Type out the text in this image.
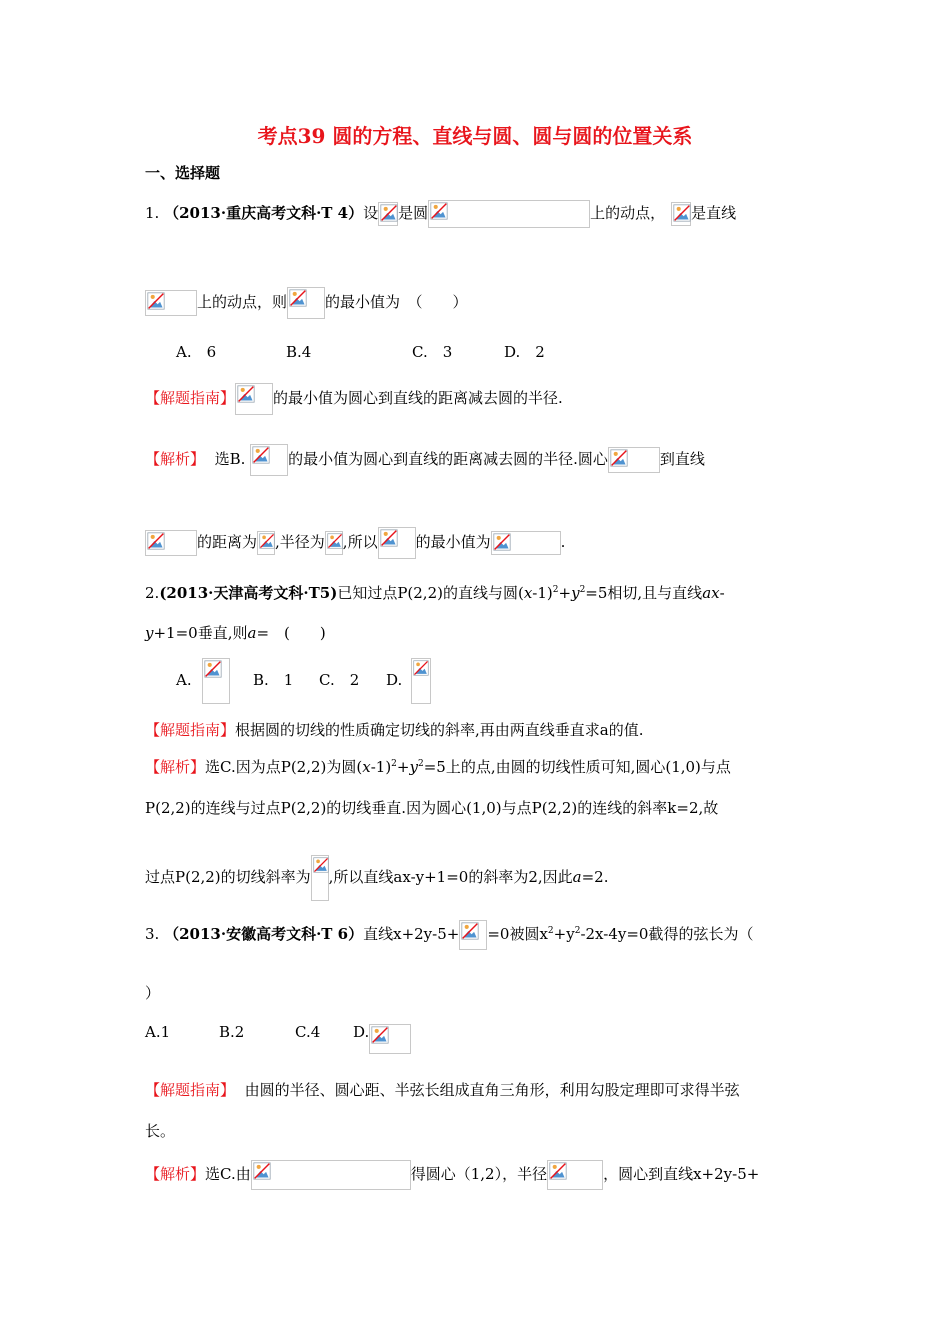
考点39 圆的方程、直线与圆、圆与圆的位置关系
一、选择题
1. （2013·重庆高考文科·T 4）设 是圆	上的动点， 是直线
上的动点，则	的最小值为　（　　）
A.　6	B.4	C.　3	D.　2
【解题指南】	的最小值为圆心到直线的距离减去圆的半径.
【解析】 选B.	的最小值为圆心到直线的距离减去圆的半径.圆心	到直线
的距离为 ,半径为 ,所以	的最小值为	.
2.(2013·天津高考文科·T5)已知过点P(2,2)的直线与圆$(x-1)^2+y^2=5$相切,且与直线ax-
y+1=0垂直,则a=　(　　)
A.	B.　1 C.　2 D.
【解题指南】根据圆的切线的性质确定切线的斜率,再由两直线垂直求a的值.
【解析】选C.因为点P(2,2)为圆$(x-1)^2+y^2=5$上的点,由圆的切线性质可知,圆心(1,0)与点
P(2,2)的连线与过点P(2,2)的切线垂直.因为圆心(1,0)与点P(2,2)的连线的斜率k=2,故
过点P(2,2)的切线斜率为 ,所以直线ax-y+1=0的斜率为2,因此a=2.
3. （2013·安徽高考文科·T 6）直线x+2y-5+ =0被圆$x^2+y^2-2x-4y=0$截得的弦长为（
）
A.1	B.2	C.4 D.
【解题指南】 由圆的半径、圆心距、半弦长组成直角三角形，利用勾股定理即可求得半弦
长。
【解析】选C.由	得圆心（1,2），半径	，圆心到直线x+2y-5+
